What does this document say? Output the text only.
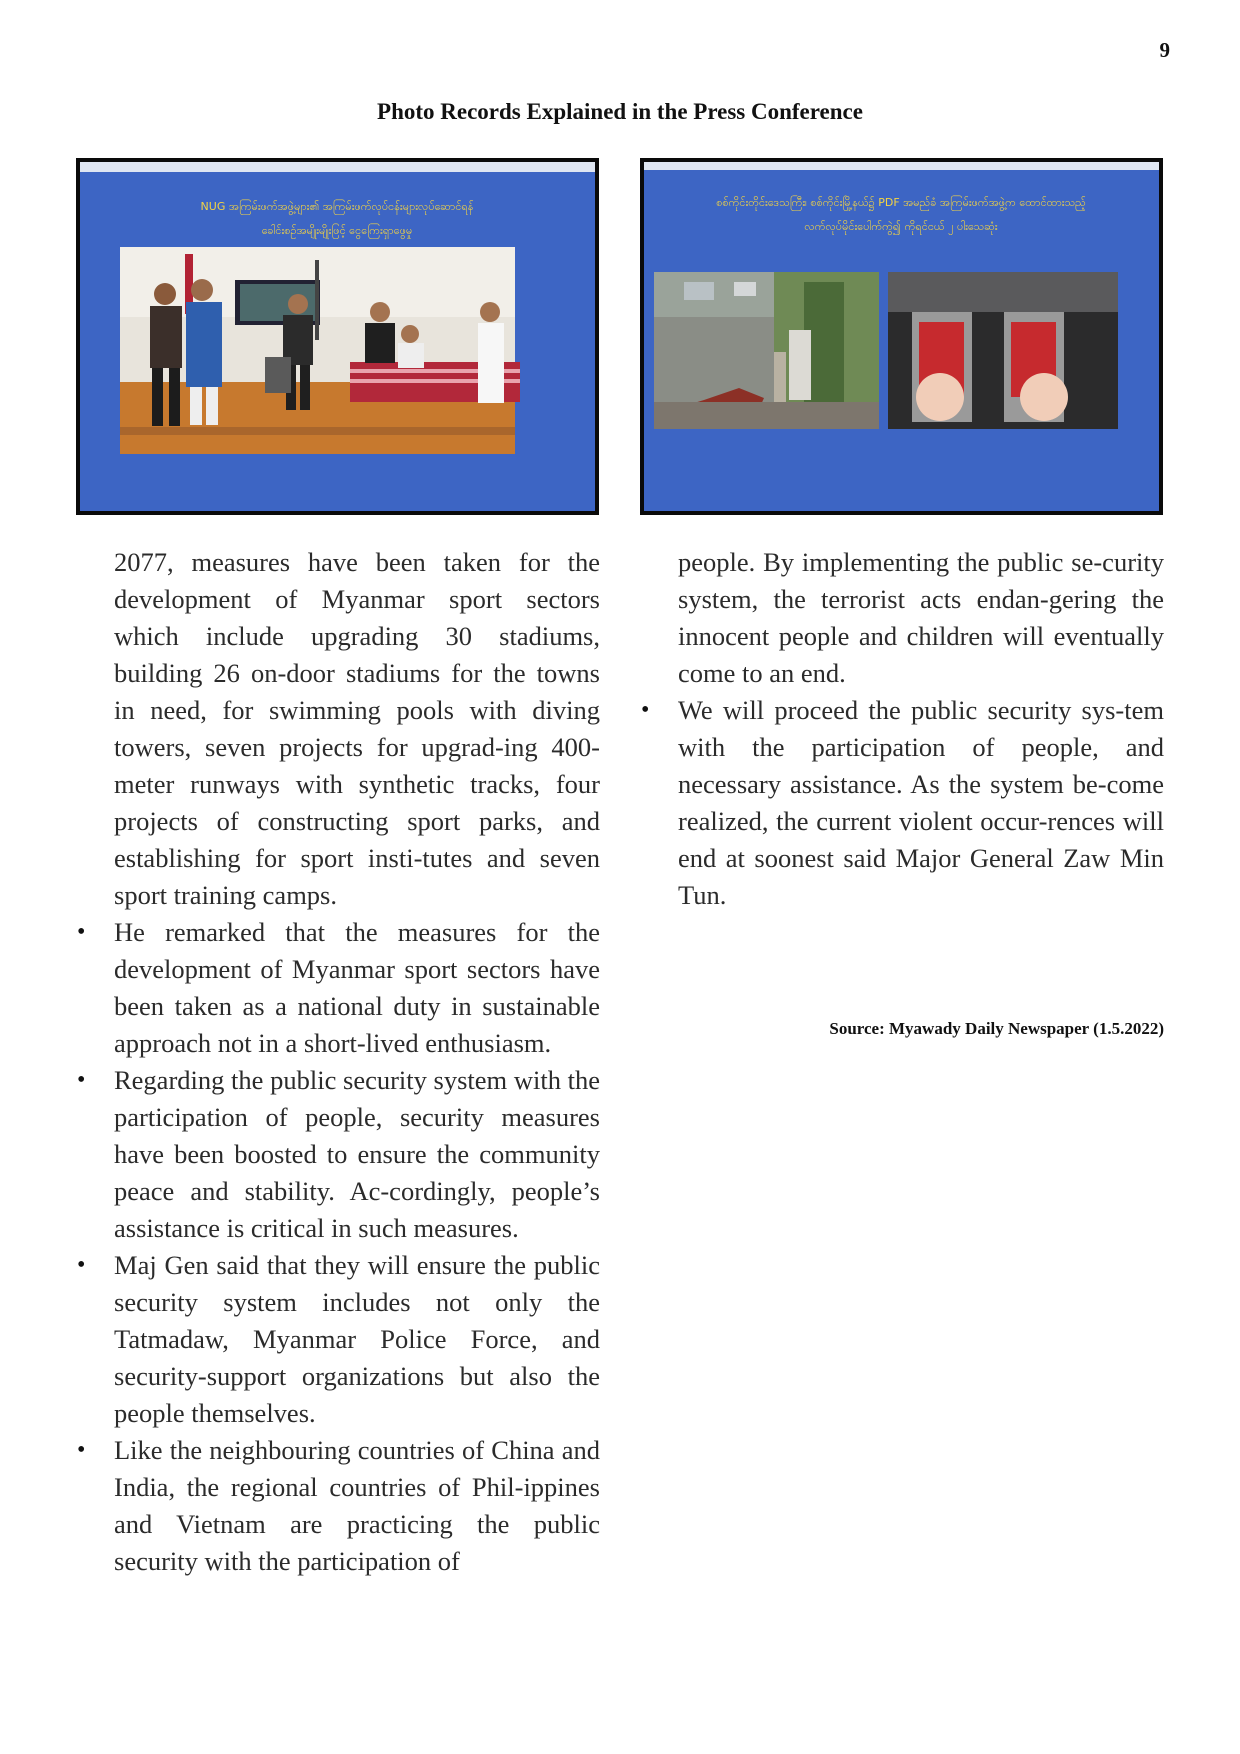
9
Photo Records Explained in the Press Conference
NUG အကြမ်းဖက်အဖွဲ့များ၏ အကြမ်းဖက်လုပ်ငန်းများလုပ်ဆောင်ရန်
ခေါင်းစဉ်အမျိုးမျိုးဖြင့် ငွေကြေးရှာဖွေမှု
စစ်ကိုင်းတိုင်းဒေသကြီး၊ စစ်ကိုင်းမြို့နယ်၌ PDF အမည်ခံ အကြမ်းဖက်အဖွဲ့က ထောင်ထားသည့်
လက်လုပ်မိုင်းပေါက်ကွဲ၍ ကိုရင်ငယ် ၂ ပါးသေဆုံး
2077, measures have been taken for the development of Myanmar sport sectors which include upgrading 30 stadiums, building 26 on-door stadiums for the towns in need, for swimming pools with diving towers, seven projects for upgrad-ing 400-meter runways with synthetic tracks, four projects of constructing sport parks, and establishing for sport insti-tutes and seven sport training camps.
• He remarked that the measures for the development of Myanmar sport sectors have been taken as a national duty in sustainable approach not in a short-lived enthusiasm.
• Regarding the public security system with the participation of people, security measures have been boosted to ensure the community peace and stability. Ac-cordingly, people’s assistance is critical in such measures.
• Maj Gen said that they will ensure the public security system includes not only the Tatmadaw, Myanmar Police Force, and security-support organizations but also the people themselves.
• Like the neighbouring countries of China and India, the regional countries of Phil-ippines and Vietnam are practicing the public security with the participation of
people. By implementing the public se-curity system, the terrorist acts endan-gering the innocent people and children will eventually come to an end.
• We will proceed the public security sys-tem with the participation of people, and necessary assistance. As the system be-come realized, the current violent occur-rences will end at soonest said Major General Zaw Min Tun.
Source: Myawady Daily Newspaper (1.5.2022)
